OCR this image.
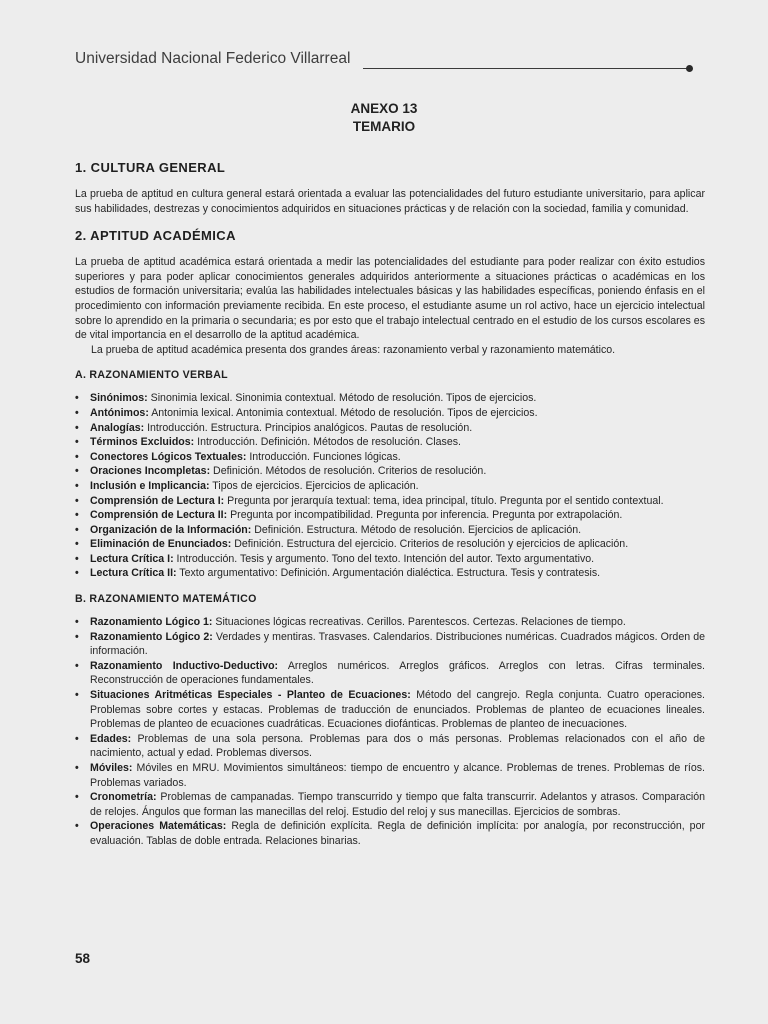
Universidad Nacional Federico Villarreal
ANEXO 13
TEMARIO
1. CULTURA GENERAL

La prueba de aptitud en cultura general estará orientada a evaluar las potencialidades del futuro estudiante universitario, para aplicar sus habilidades, destrezas y conocimientos adquiridos en situaciones prácticas y de relación con la sociedad, familia y comunidad.

2. APTITUD ACADÉMICA

La prueba de aptitud académica estará orientada a medir las potencialidades del estudiante para poder realizar con éxito estudios superiores y para poder aplicar conocimientos generales adquiridos anteriormente a situaciones prácticas o académicas en los estudios de formación universitaria; evalúa las habilidades intelectuales básicas y las habilidades específicas, poniendo énfasis en el procedimiento con información previamente recibida. En este proceso, el estudiante asume un rol activo, hace un ejercicio intelectual sobre lo aprendido en la primaria o secundaria; es por esto que el trabajo intelectual centrado en el estudio de los cursos escolares es de vital importancia en el desarrollo de la aptitud académica.

La prueba de aptitud académica presenta dos grandes áreas: razonamiento verbal y razonamiento matemático.

A. RAZONAMIENTO VERBAL
• Sinónimos: Sinonimia lexical. Sinonimia contextual. Método de resolución. Tipos de ejercicios.
• Antónimos: Antonimia lexical. Antonimia contextual. Método de resolución. Tipos de ejercicios.
• Analogías: Introducción. Estructura. Principios analógicos. Pautas de resolución.
• Términos Excluidos: Introducción. Definición. Métodos de resolución. Clases.
• Conectores Lógicos Textuales: Introducción. Funciones lógicas.
• Oraciones Incompletas: Definición. Métodos de resolución. Criterios de resolución.
• Inclusión e Implicancia: Tipos de ejercicios. Ejercicios de aplicación.
• Comprensión de Lectura I: Pregunta por jerarquía textual: tema, idea principal, título. Pregunta por el sentido contextual.
• Comprensión de Lectura II: Pregunta por incompatibilidad. Pregunta por inferencia. Pregunta por extrapolación.
• Organización de la Información: Definición. Estructura. Método de resolución. Ejercicios de aplicación.
• Eliminación de Enunciados: Definición. Estructura del ejercicio. Criterios de resolución y ejercicios de aplicación.
• Lectura Crítica I: Introducción. Tesis y argumento. Tono del texto. Intención del autor. Texto argumentativo.
• Lectura Crítica II: Texto argumentativo: Definición. Argumentación dialéctica. Estructura. Tesis y contratesis.
B. RAZONAMIENTO MATEMÁTICO
• Razonamiento Lógico 1: Situaciones lógicas recreativas. Cerillos. Parentescos. Certezas. Relaciones de tiempo.
• Razonamiento Lógico 2: Verdades y mentiras. Trasvases. Calendarios. Distribuciones numéricas. Cuadrados mágicos. Orden de información.
• Razonamiento Inductivo-Deductivo: Arreglos numéricos. Arreglos gráficos. Arreglos con letras. Cifras terminales. Reconstrucción de operaciones fundamentales.
• Situaciones Aritméticas Especiales - Planteo de Ecuaciones: Método del cangrejo. Regla conjunta. Cuatro operaciones. Problemas sobre cortes y estacas. Problemas de traducción de enunciados. Problemas de planteo de ecuaciones lineales. Problemas de planteo de ecuaciones cuadráticas. Ecuaciones diofánticas. Problemas de planteo de inecuaciones.
• Edades: Problemas de una sola persona. Problemas para dos o más personas. Problemas relacionados con el año de nacimiento, actual y edad. Problemas diversos.
• Móviles: Móviles en MRU. Movimientos simultáneos: tiempo de encuentro y alcance. Problemas de trenes. Problemas de ríos. Problemas variados.
• Cronometría: Problemas de campanadas. Tiempo transcurrido y tiempo que falta transcurrir. Adelantos y atrasos. Comparación de relojes. Ángulos que forman las manecillas del reloj. Estudio del reloj y sus manecillas. Ejercicios de sombras.
• Operaciones Matemáticas: Regla de definición explícita. Regla de definición implícita: por analogía, por reconstrucción, por evaluación. Tablas de doble entrada. Relaciones binarias.
58
